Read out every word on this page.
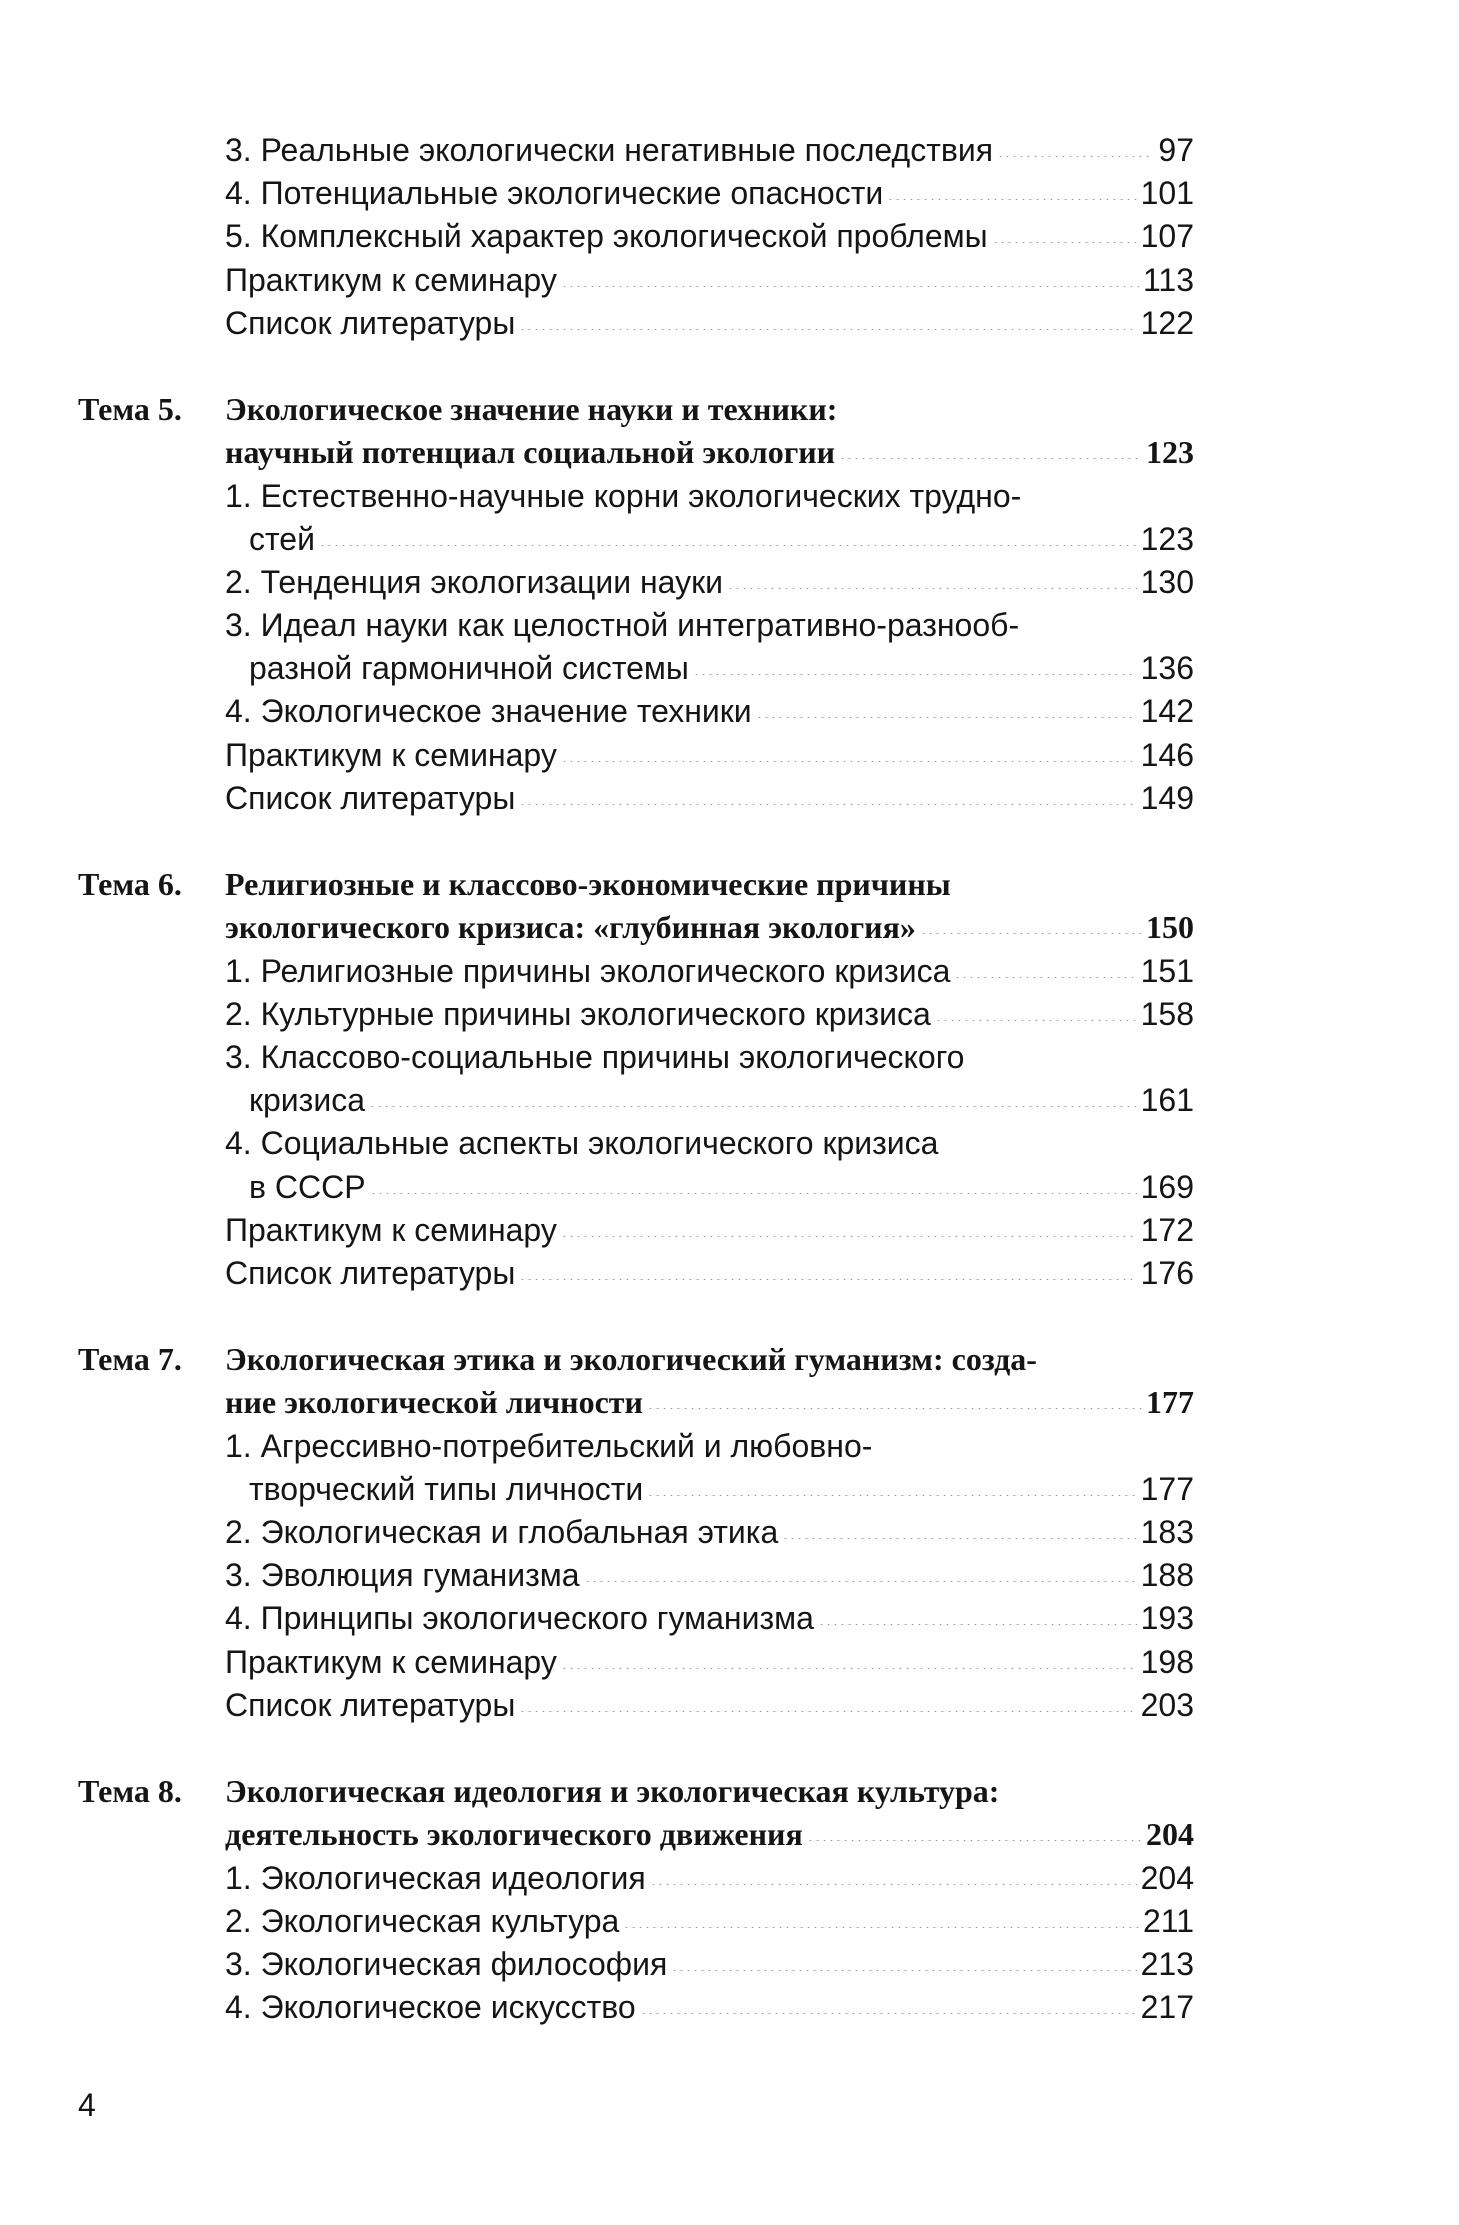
3. Реальные экологически негативные последствия	97
4. Потенциальные экологические опасности	101
5. Комплексный характер экологической проблемы	107
Практикум к семинару	113
Список литературы	122
Тема 5. Экологическое значение науки и техники:
научный потенциал социальной экологии	123
1. Естественно-научные корни экологических трудно-
стей	123
2. Тенденция экологизации науки	130
3. Идеал науки как целостной интегративно-разнооб-
разной гармоничной системы	136
4. Экологическое значение техники	142
Практикум к семинару	146
Список литературы	149
Тема 6. Религиозные и классово-экономические причины
экологического кризиса: «глубинная экология»	150
1. Религиозные причины экологического кризиса	151
2. Культурные причины экологического кризиса	158
3. Классово-социальные причины экологического
кризиса	161
4. Социальные аспекты экологического кризиса
в СССР	169
Практикум к семинару	172
Список литературы	176
Тема 7. Экологическая этика и экологический гуманизм: созда-
ние экологической личности	177
1. Агрессивно-потребительский и любовно-
творческий типы личности	177
2. Экологическая и глобальная этика	183
3. Эволюция гуманизма	188
4. Принципы экологического гуманизма	193
Практикум к семинару	198
Список литературы	203
Тема 8. Экологическая идеология и экологическая культура:
деятельность экологического движения	204
1. Экологическая идеология	204
2. Экологическая культура	211
3. Экологическая философия	213
4. Экологическое искусство	217
4
